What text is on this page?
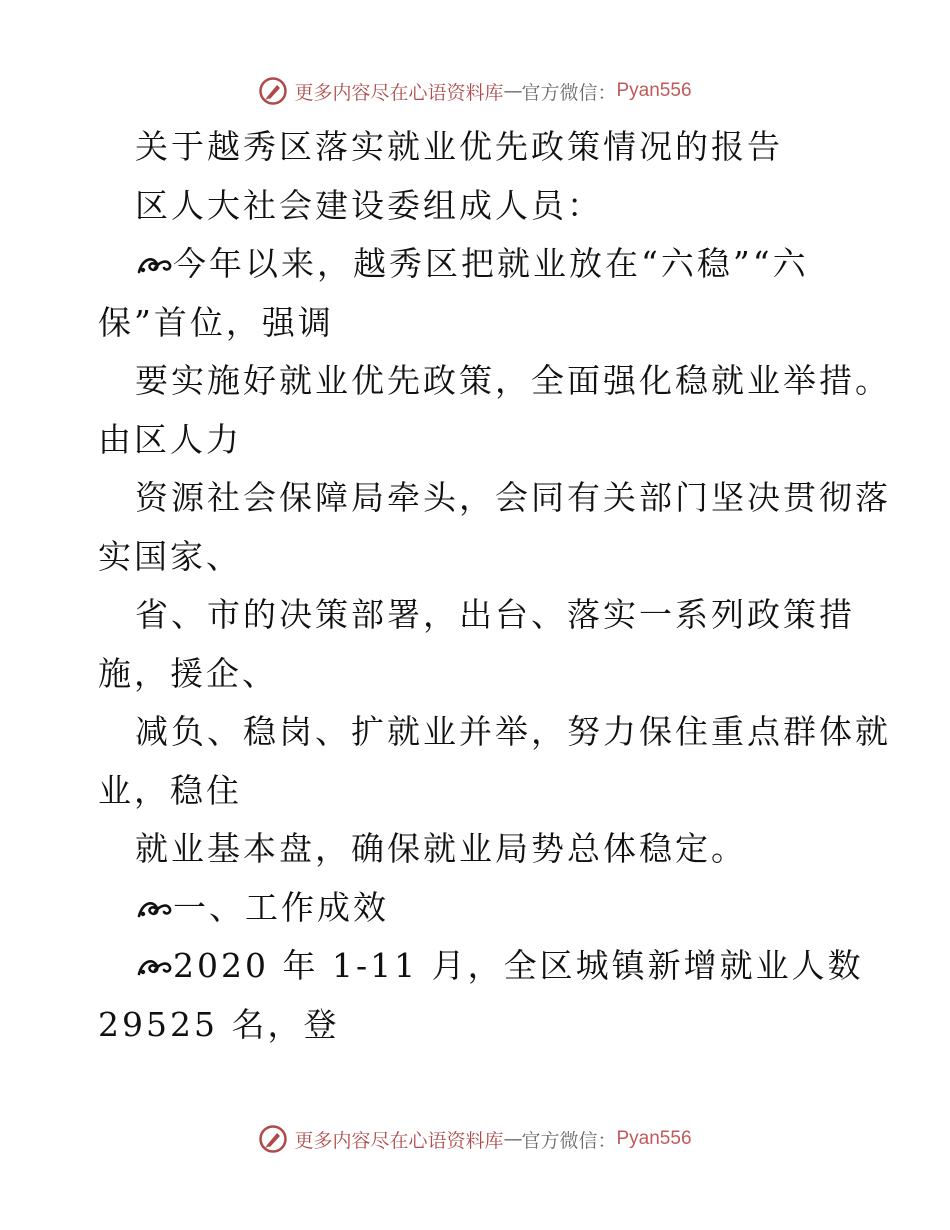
更多内容尽在心语资料库 — 官方微信： Pyan556
关于越秀区落实就业优先政策情况的报告
区人大社会建设委组成人员：
今年以来，越秀区把就业放在“六稳”“六
保”首位，强调
要实施好就业优先政策，全面强化稳就业举措。
由区人力
资源社会保障局牵头，会同有关部门坚决贯彻落
实国家、
省、市的决策部署，出台、落实一系列政策措
施，援企、
减负、稳岗、扩就业并举，努力保住重点群体就
业，稳住
就业基本盘，确保就业局势总体稳定。
一、工作成效
2020 年 1-11 月，全区城镇新增就业人数
29525 名，登
更多内容尽在心语资料库 — 官方微信： Pyan556
